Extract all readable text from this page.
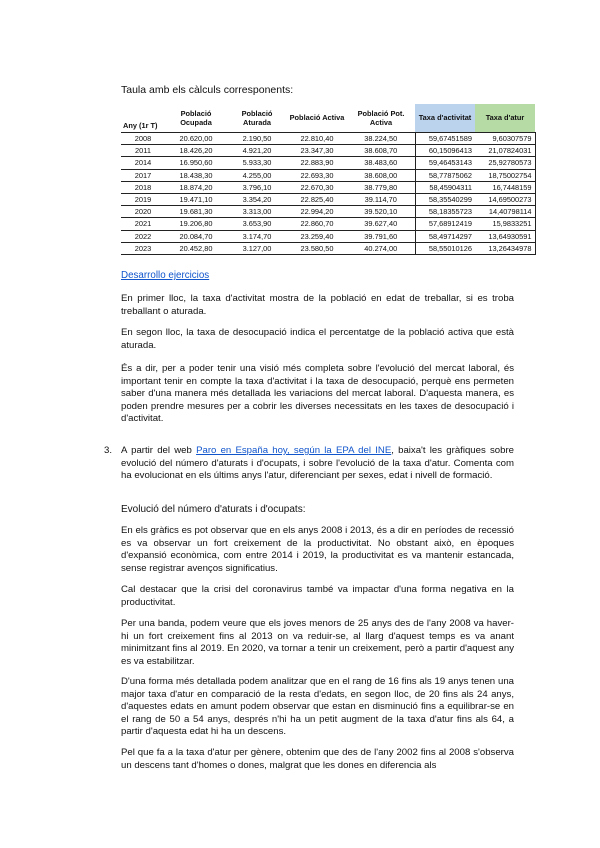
Taula amb els càlculs corresponents:
Any (1r T)	Població Ocupada	Població Aturada	Població Activa	Població Pot. Activa	Taxa d'activitat	Taxa d'atur
2008	20.620,00	2.190,50	22.810,40	38.224,50	59,67451589	9,60307579
2011	18.426,20	4.921,20	23.347,30	38.608,70	60,15096413	21,07824031
2014	16.950,60	5.933,30	22.883,90	38.483,60	59,46453143	25,92780573
2017	18.438,30	4.255,00	22.693,30	38.608,00	58,77875062	18,75002754
2018	18.874,20	3.796,10	22.670,30	38.779,80	58,45904311	16,7448159
2019	19.471,10	3.354,20	22.825,40	39.114,70	58,35540299	14,69500273
2020	19.681,30	3.313,00	22.994,20	39.520,10	58,18355723	14,40798114
2021	19.206,80	3.653,90	22.860,70	39.627,40	57,68912419	15,9833251
2022	20.084,70	3.174,70	23.259,40	39.791,60	58,49714297	13,64930591
2023	20.452,80	3.127,00	23.580,50	40.274,00	58,55010126	13,26434978
Desarrollo ejercicios

En primer lloc, la taxa d'activitat mostra de la població en edat de treballar, si es troba treballant o aturada.

En segon lloc, la taxa de desocupació indica el percentatge de la població activa que està aturada.

És a dir, per a poder tenir una visió més completa sobre l'evolució del mercat laboral, és important tenir en compte la taxa d'activitat i la taxa de desocupació, perquè ens permeten saber d'una manera més detallada les variacions del mercat laboral. D'aquesta manera, es poden prendre mesures per a cobrir les diverses necessitats en les taxes de desocupació i d'activitat.

3. A partir del web Paro en España hoy, según la EPA del INE, baixa't les gràfiques sobre evolució del número d'aturats i d'ocupats, i sobre l'evolució de la taxa d'atur. Comenta com ha evolucionat en els últims anys l'atur, diferenciant per sexes, edat i nivell de formació.

Evolució del número d'aturats i d'ocupats:

En els gràfics es pot observar que en els anys 2008 i 2013, és a dir en períodes de recessió es va observar un fort creixement de la productivitat. No obstant això, en èpoques d'expansió econòmica, com entre 2014 i 2019, la productivitat es va mantenir estancada, sense registrar avenços significatius.

Cal destacar que la crisi del coronavirus també va impactar d'una forma negativa en la productivitat.

Per una banda, podem veure que els joves menors de 25 anys des de l'any 2008 va haver-hi un fort creixement fins al 2013 on va reduir-se, al llarg d'aquest temps es va anant minimitzant fins al 2019. En 2020, va tornar a tenir un creixement, però a partir d'aquest any es va estabilitzar.

D'una forma més detallada podem analitzar que en el rang de 16 fins als 19 anys tenen una major taxa d'atur en comparació de la resta d'edats, en segon lloc, de 20 fins als 24 anys, d'aquestes edats en amunt podem observar que estan en disminució fins a equilibrar-se en el rang de 50 a 54 anys, després n'hi ha un petit augment de la taxa d'atur fins als 64, a partir d'aquesta edat hi ha un descens.

Pel que fa a la taxa d'atur per gènere, obtenim que des de l'any 2002 fins al 2008 s'observa un descens tant d'homes o dones, malgrat que les dones en diferencia als
